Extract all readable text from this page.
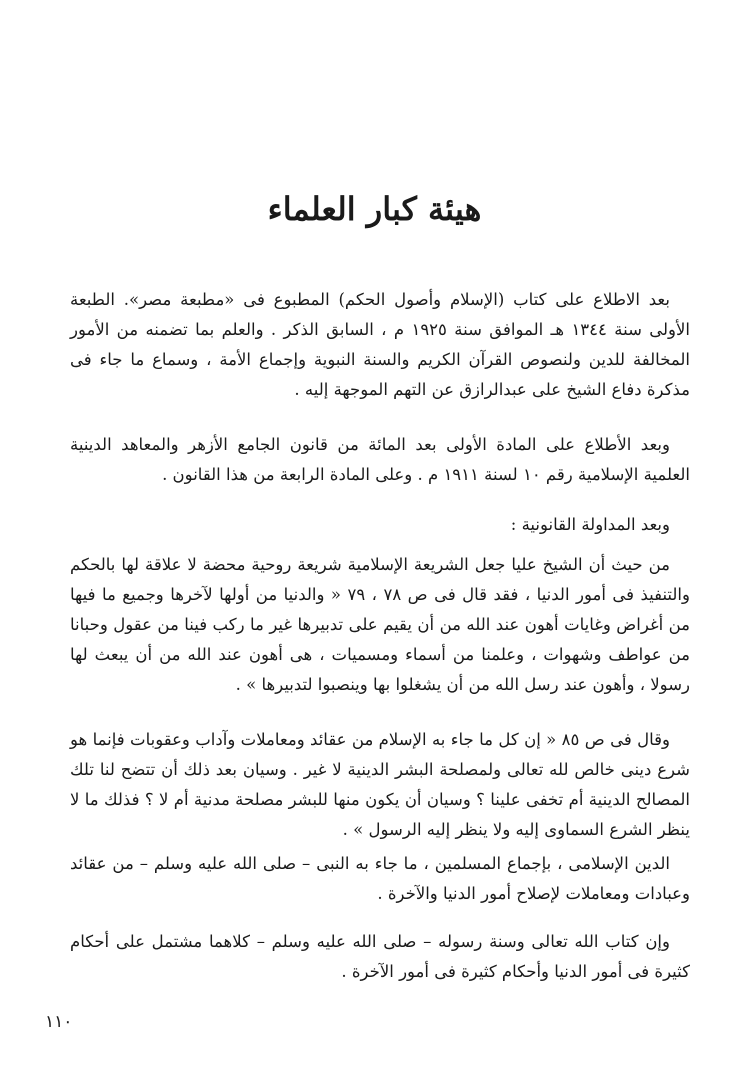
هيئة كبار العلماء
بعد الاطلاع على كتاب (الإسلام وأصول الحكم) المطبوع فى «مطبعة مصر». الطبعة الأولى سنة ١٣٤٤ هـ الموافق سنة ١٩٢٥ م ، السابق الذكر . والعلم بما تضمنه من الأمور المخالفة للدين ولنصوص القرآن الكريم والسنة النبوية وإجماع الأمة ، وسماع ما جاء فى مذكرة دفاع الشيخ على عبدالرازق عن التهم الموجهة إليه .
وبعد الأطلاع على المادة الأولى بعد المائة من قانون الجامع الأزهر والمعاهد الدينية العلمية الإسلامية رقم ١٠ لسنة ١٩١١ م . وعلى المادة الرابعة من هذا القانون .
وبعد المداولة القانونية :
من حيث أن الشيخ عليا جعل الشريعة الإسلامية شريعة روحية محضة لا علاقة لها بالحكم والتنفيذ فى أمور الدنيا ، فقد قال فى ص ٧٨ ، ٧٩ « والدنيا من أولها لآخرها وجميع ما فيها من أغراض وغايات أهون عند الله من أن يقيم على تدبيرها غير ما ركب فينا من عقول وحبانا من عواطف وشهوات ، وعلمنا من أسماء ومسميات ، هى أهون عند الله من أن يبعث لها رسولا ، وأهون عند رسل الله من أن يشغلوا بها وينصبوا لتدبيرها » .
وقال فى ص ٨٥ « إن كل ما جاء به الإسلام من عقائد ومعاملات وآداب وعقوبات فإنما هو شرع دينى خالص لله تعالى ولمصلحة البشر الدينية لا غير . وسيان بعد ذلك أن تتضح لنا تلك المصالح الدينية أم تخفى علينا ؟ وسيان أن يكون منها للبشر مصلحة مدنية أم لا ؟ فذلك ما لا ينظر الشرع السماوى إليه ولا ينظر إليه الرسول » .
الدين الإسلامى ، بإجماع المسلمين ، ما جاء به النبى – صلى الله عليه وسلم – من عقائد وعبادات ومعاملات لإصلاح أمور الدنيا والآخرة .
وإن كتاب الله تعالى وسنة رسوله – صلى الله عليه وسلم – كلاهما مشتمل على أحكام كثيرة فى أمور الدنيا وأحكام كثيرة فى أمور الآخرة .
١١٠
